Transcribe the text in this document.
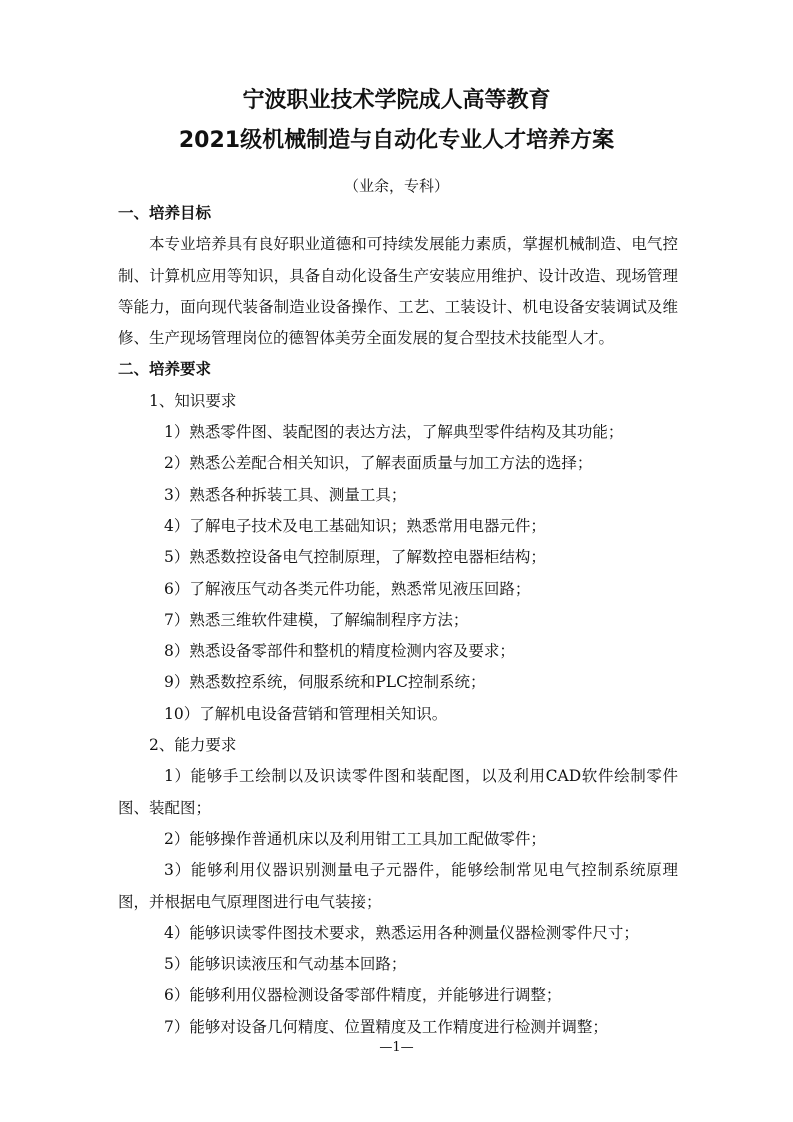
宁波职业技术学院成人高等教育
2021级机械制造与自动化专业人才培养方案
（业余，专科）
一、培养目标
本专业培养具有良好职业道德和可持续发展能力素质，掌握机械制造、电气控制、计算机应用等知识，具备自动化设备生产安装应用维护、设计改造、现场管理等能力，面向现代装备制造业设备操作、工艺、工装设计、机电设备安装调试及维修、生产现场管理岗位的德智体美劳全面发展的复合型技术技能型人才。
二、培养要求
1、知识要求
1）熟悉零件图、装配图的表达方法，了解典型零件结构及其功能；
2）熟悉公差配合相关知识，了解表面质量与加工方法的选择；
3）熟悉各种拆装工具、测量工具；
4）了解电子技术及电工基础知识；熟悉常用电器元件；
5）熟悉数控设备电气控制原理，了解数控电器柜结构；
6）了解液压气动各类元件功能，熟悉常见液压回路；
7）熟悉三维软件建模，了解编制程序方法；
8）熟悉设备零部件和整机的精度检测内容及要求；
9）熟悉数控系统，伺服系统和PLC控制系统；
10）了解机电设备营销和管理相关知识。
2、能力要求
1）能够手工绘制以及识读零件图和装配图，以及利用CAD软件绘制零件图、装配图；
2）能够操作普通机床以及利用钳工工具加工配做零件；
3）能够利用仪器识别测量电子元器件，能够绘制常见电气控制系统原理图，并根据电气原理图进行电气装接；
4）能够识读零件图技术要求，熟悉运用各种测量仪器检测零件尺寸；
5）能够识读液压和气动基本回路；
6）能够利用仪器检测设备零部件精度，并能够进行调整；
7）能够对设备几何精度、位置精度及工作精度进行检测并调整；
—1—
